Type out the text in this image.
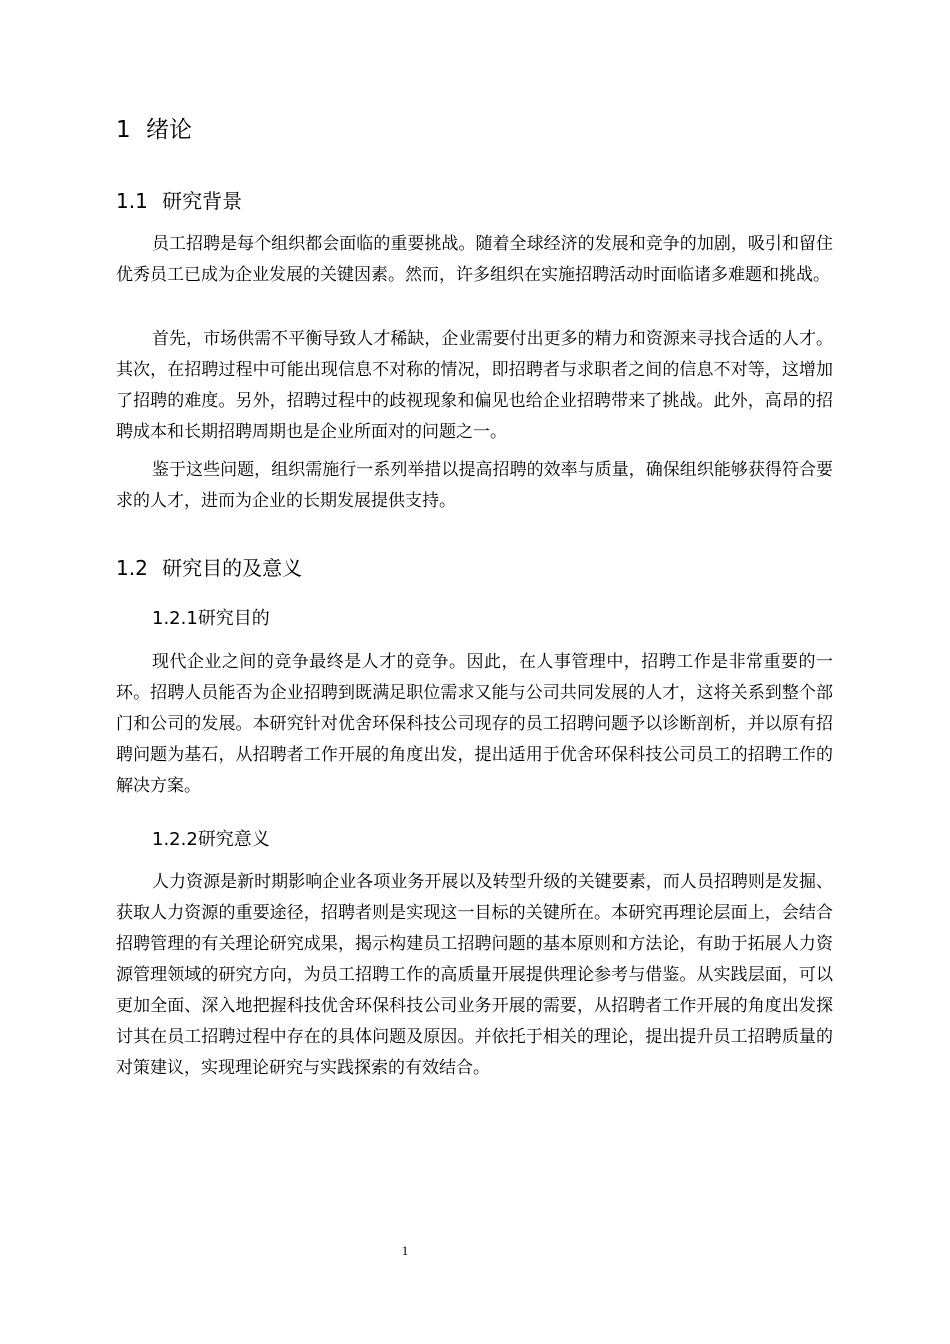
1 绪论
1.1 研究背景

员工招聘是每个组织都会面临的重要挑战。随着全球经济的发展和竞争的加剧，吸引和留住优秀员工已成为企业发展的关键因素。然而，许多组织在实施招聘活动时面临诸多难题和挑战。

首先，市场供需不平衡导致人才稀缺，企业需要付出更多的精力和资源来寻找合适的人才。其次，在招聘过程中可能出现信息不对称的情况，即招聘者与求职者之间的信息不对等，这增加了招聘的难度。另外，招聘过程中的歧视现象和偏见也给企业招聘带来了挑战。此外，高昂的招聘成本和长期招聘周期也是企业所面对的问题之一。

鉴于这些问题，组织需施行一系列举措以提高招聘的效率与质量，确保组织能够获得符合要求的人才，进而为企业的长期发展提供支持。

1.2 研究目的及意义
1.2.1研究目的

现代企业之间的竞争最终是人才的竞争。因此，在人事管理中，招聘工作是非常重要的一环。招聘人员能否为企业招聘到既满足职位需求又能与公司共同发展的人才，这将关系到整个部门和公司的发展。本研究针对优舍环保科技公司现存的员工招聘问题予以诊断剖析，并以原有招聘问题为基石，从招聘者工作开展的角度出发，提出适用于优舍环保科技公司员工的招聘工作的解决方案。

1.2.2研究意义

人力资源是新时期影响企业各项业务开展以及转型升级的关键要素，而人员招聘则是发掘、获取人力资源的重要途径，招聘者则是实现这一目标的关键所在。本研究再理论层面上，会结合招聘管理的有关理论研究成果，揭示构建员工招聘问题的基本原则和方法论，有助于拓展人力资源管理领域的研究方向，为员工招聘工作的高质量开展提供理论参考与借鉴。从实践层面，可以更加全面、深入地把握科技优舍环保科技公司业务开展的需要，从招聘者工作开展的角度出发探讨其在员工招聘过程中存在的具体问题及原因。并依托于相关的理论，提出提升员工招聘质量的对策建议，实现理论研究与实践探索的有效结合。

1
